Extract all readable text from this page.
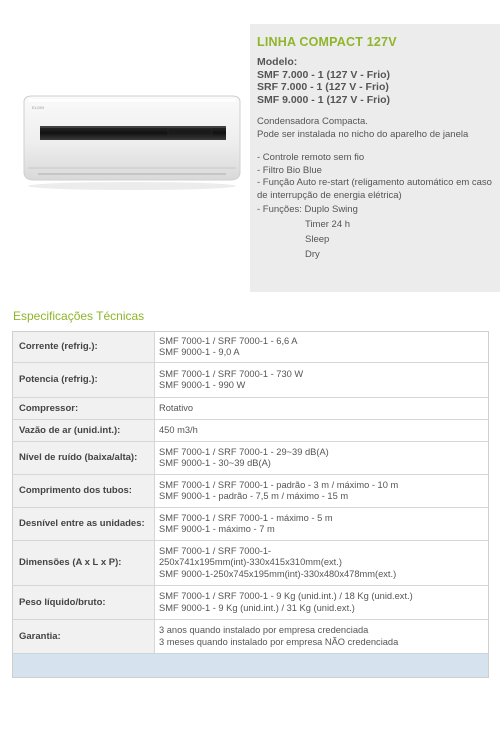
ELGIN
LINHA COMPACT 127V
Modelo:
SMF 7.000 - 1 (127 V - Frio)
SRF 7.000 - 1 (127 V - Frio)
SMF 9.000 - 1 (127 V - Frio)
Condensadora Compacta.
Pode ser instalada no nicho do aparelho de janela
- Controle remoto sem fio
- Filtro Bio Blue
- Função Auto re-start (religamento automático em caso de interrupção de energia elétrica)
- Funções: Duplo Swing
Timer 24 h
Sleep
Dry
Especificações Técnicas
Corrente (refrig.):	SMF 7000-1 / SRF 7000-1 - 6,6 A
SMF 9000-1 - 9,0 A

Potencia (refrig.):	SMF 7000-1 / SRF 7000-1 - 730 W
SMF 9000-1 - 990 W

Compressor:	Rotativo

Vazão de ar (unid.int.):	450 m3/h

Nível de ruído (baixa/alta):	SMF 7000-1 / SRF 7000-1 - 29~39 dB(A)
SMF 9000-1 - 30~39 dB(A)

Comprimento dos tubos:	SMF 7000-1 / SRF 7000-1 - padrão - 3 m / máximo - 10 m
SMF 9000-1 - padrão - 7,5 m / máximo - 15 m

Desnível entre as unidades:	SMF 7000-1 / SRF 7000-1 - máximo - 5 m
SMF 9000-1 - máximo - 7 m

Dimensões (A x L x P):	SMF 7000-1 / SRF 7000-1-
250x741x195mm(int)-330x415x310mm(ext.)
SMF 9000-1-250x745x195mm(int)-330x480x478mm(ext.)

Peso líquido/bruto:	SMF 7000-1 / SRF 7000-1 - 9 Kg (unid.int.) / 18 Kg (unid.ext.)
SMF 9000-1 - 9 Kg (unid.int.) / 31 Kg (unid.ext.)

Garantia:	3 anos quando instalado por empresa credenciada
3 meses quando instalado por empresa NÃO credenciada
